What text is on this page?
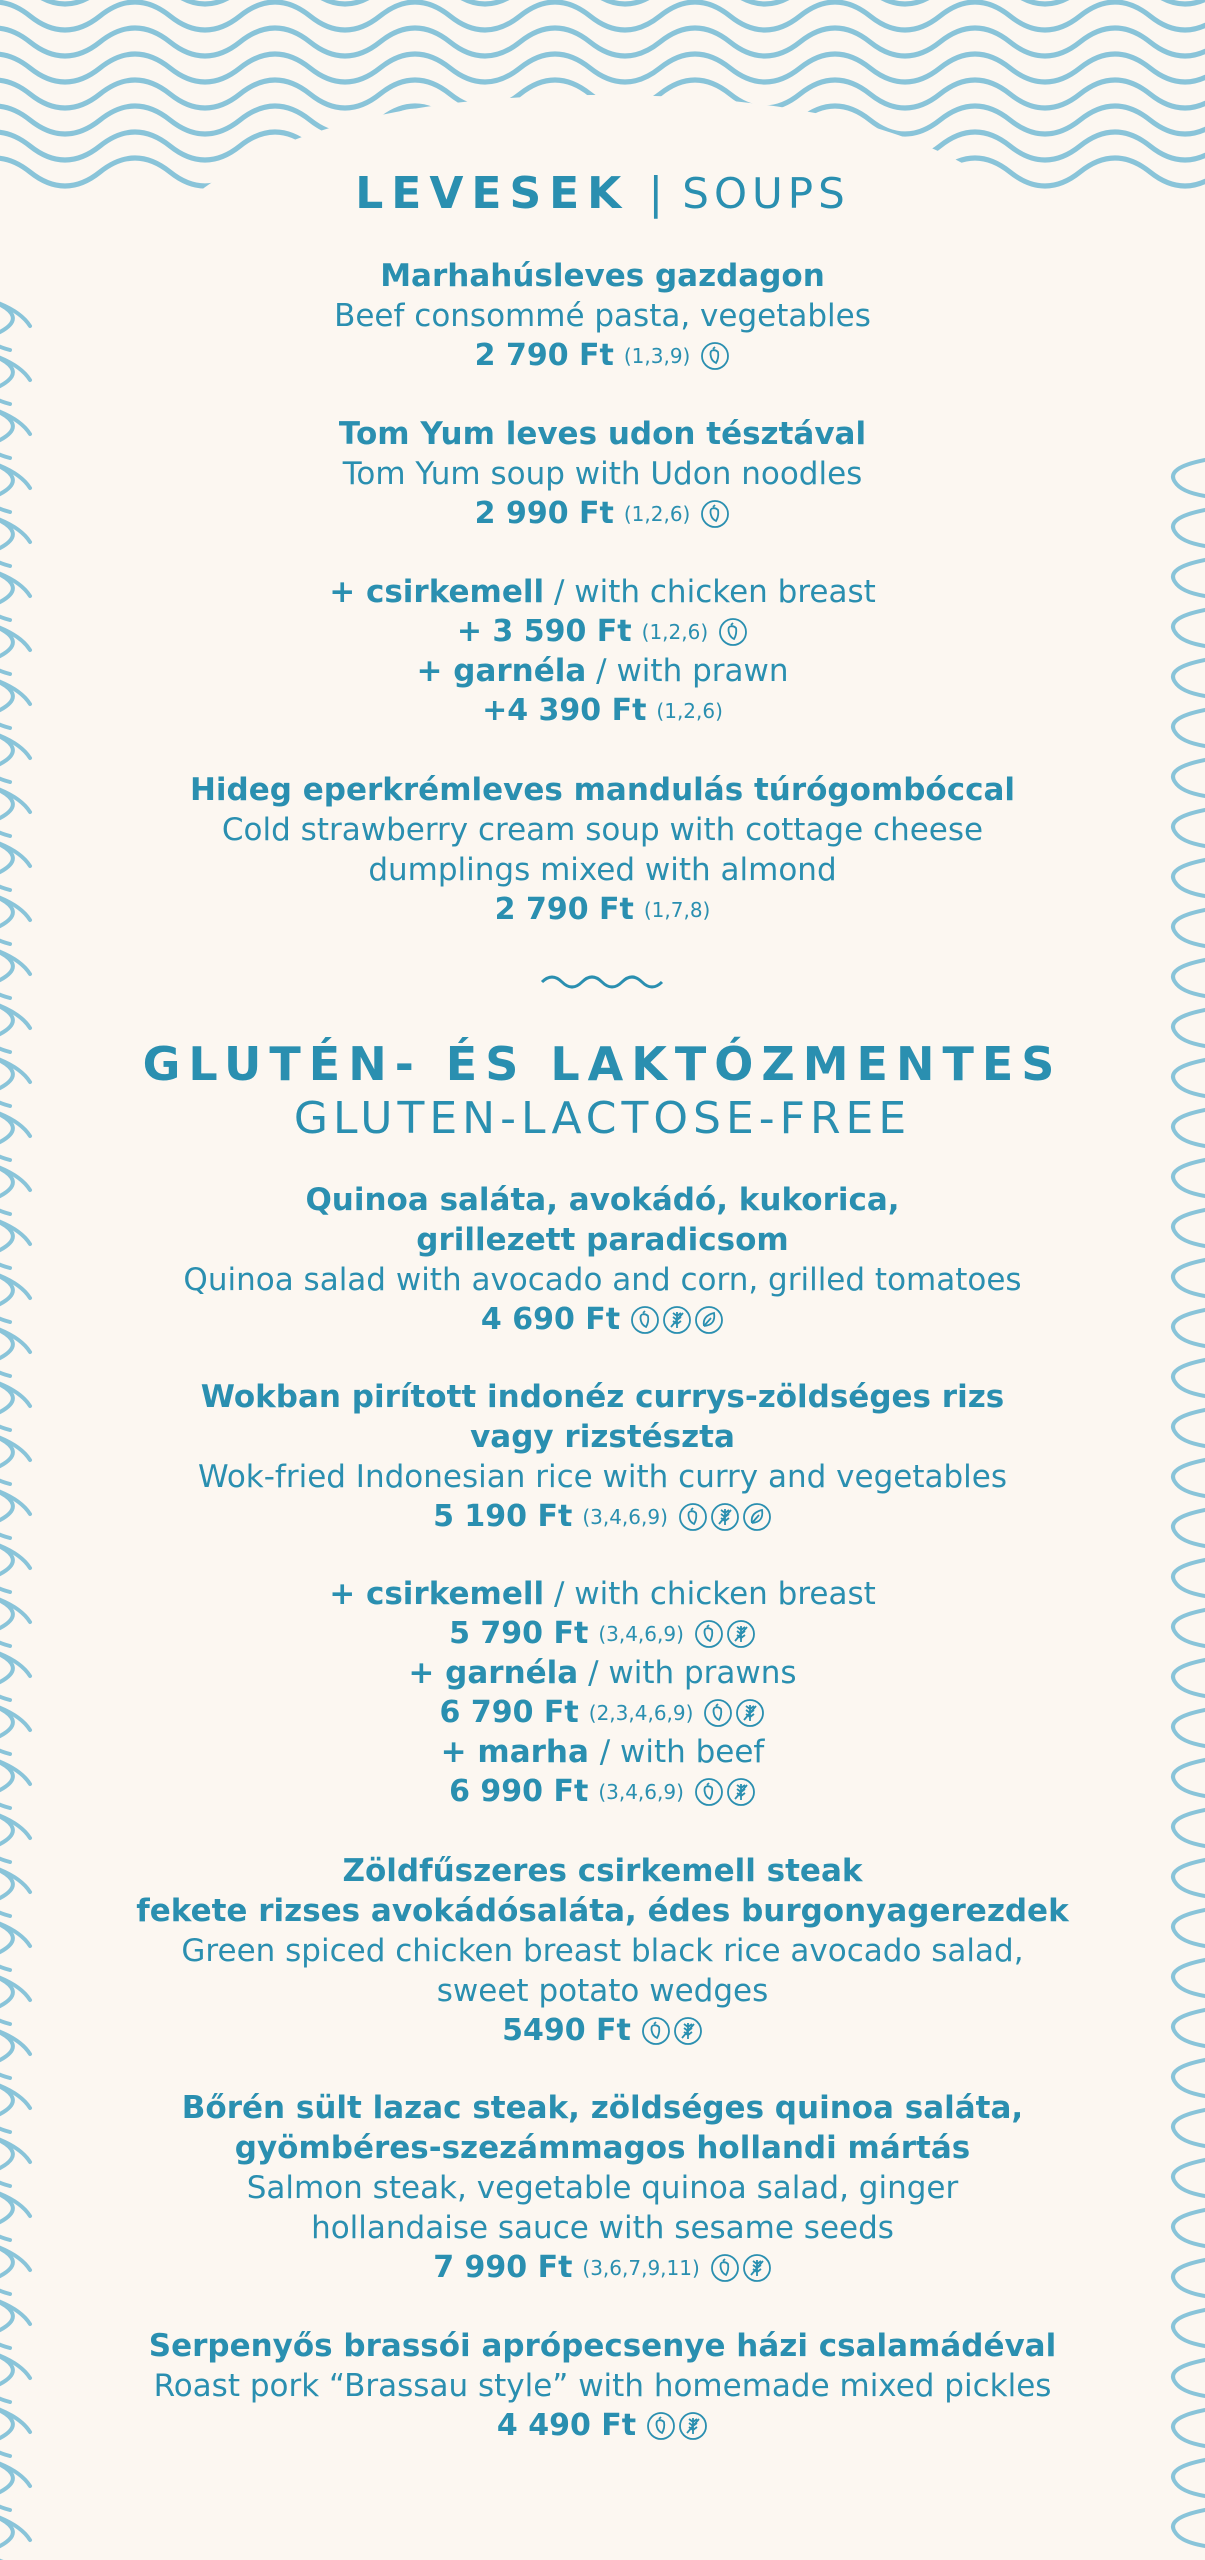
LEVESEK | SOUPS
Marhahúsleves gazdagon
Beef consommé pasta, vegetables
2 790 Ft (1,3,9)
Tom Yum leves udon tésztával
Tom Yum soup with Udon noodles
2 990 Ft (1,2,6)
+ csirkemell / with chicken breast
+ 3 590 Ft (1,2,6)
+ garnéla / with prawn
+4 390 Ft (1,2,6)
Hideg eperkrémleves mandulás túrógombóccal
Cold strawberry cream soup with cottage cheese
dumplings mixed with almond
2 790 Ft (1,7,8)
Quinoa saláta, avokádó, kukorica,
grillezett paradicsom
Quinoa salad with avocado and corn, grilled tomatoes
4 690 Ft
Wokban pirított indonéz currys-zöldséges rizs
vagy rizstészta
Wok-fried Indonesian rice with curry and vegetables
5 190 Ft (3,4,6,9)
+ csirkemell / with chicken breast
5 790 Ft (3,4,6,9)
+ garnéla / with prawns
6 790 Ft (2,3,4,6,9)
+ marha / with beef
6 990 Ft (3,4,6,9)
Zöldfűszeres csirkemell steak
fekete rizses avokádósaláta, édes burgonyagerezdek
Green spiced chicken breast black rice avocado salad,
sweet potato wedges
5490 Ft
Bőrén sült lazac steak, zöldséges quinoa saláta,
gyömbéres-szezámmagos hollandi mártás
Salmon steak, vegetable quinoa salad, ginger
hollandaise sauce with sesame seeds
7 990 Ft (3,6,7,9,11)
Serpenyős brassói aprópecsenye házi csalamádéval
Roast pork “Brassau style” with homemade mixed pickles
4 490 Ft
GLUTÉN- ÉS LAKTÓZMENTES
GLUTEN-LACTOSE-FREE
